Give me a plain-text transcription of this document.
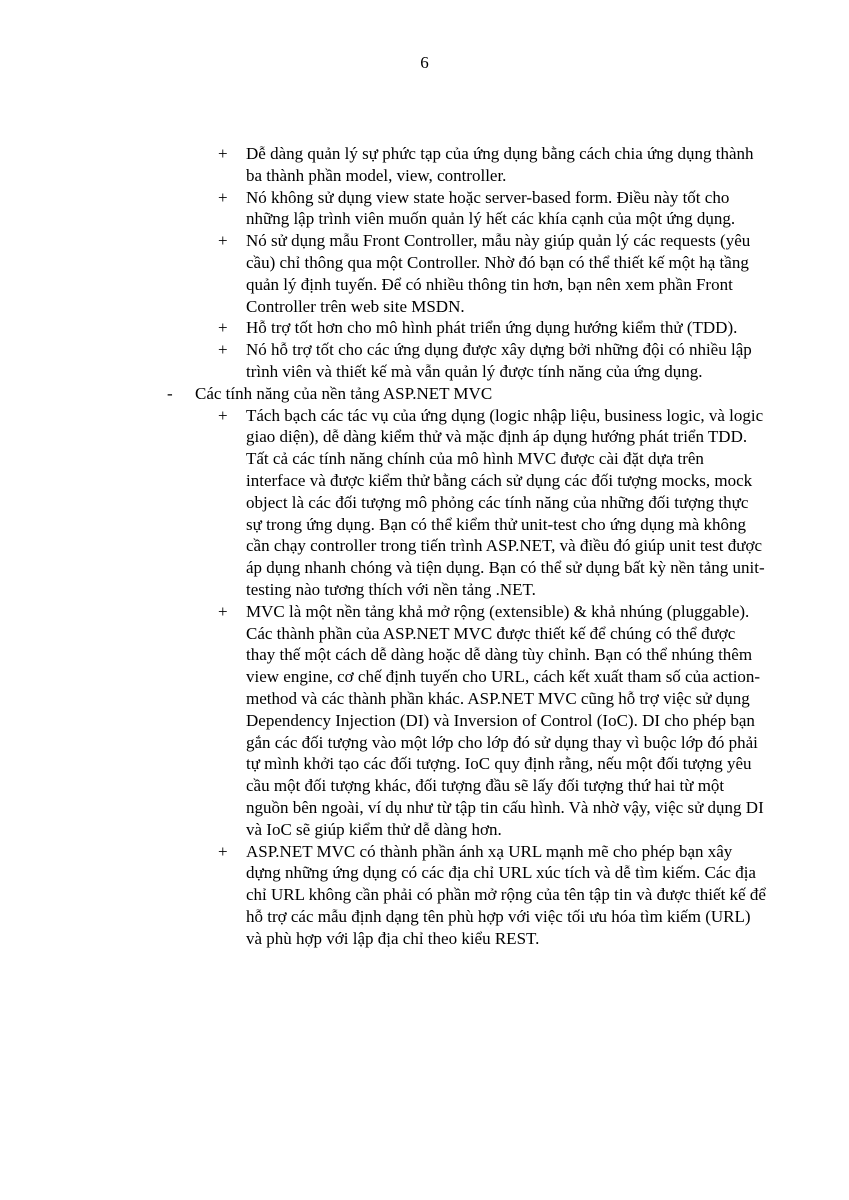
6
+ Dễ dàng quản lý sự phức tạp của ứng dụng bằng cách chia ứng dụng thành ba thành phần model, view, controller.
+ Nó không sử dụng view state hoặc server-based form. Điều này tốt cho những lập trình viên muốn quản lý hết các khía cạnh của một ứng dụng.
+ Nó sử dụng mẫu Front Controller, mẫu này giúp quản lý các requests (yêu cầu) chỉ thông qua một Controller. Nhờ đó bạn có thể thiết kế một hạ tầng quản lý định tuyến. Để có nhiều thông tin hơn, bạn nên xem phần Front Controller trên web site MSDN.
+ Hỗ trợ tốt hơn cho mô hình phát triển ứng dụng hướng kiểm thử (TDD).
+ Nó hỗ trợ tốt cho các ứng dụng được xây dựng bởi những đội có nhiều lập trình viên và thiết kế mà vẫn quản lý được tính năng của ứng dụng.
- Các tính năng của nền tảng ASP.NET MVC
+ Tách bạch các tác vụ của ứng dụng (logic nhập liệu, business logic, và logic giao diện), dễ dàng kiểm thử và mặc định áp dụng hướng phát triển TDD. Tất cả các tính năng chính của mô hình MVC được cài đặt dựa trên interface và được kiểm thử bằng cách sử dụng các đối tượng mocks, mock object là các đối tượng mô phỏng các tính năng của những đối tượng thực sự trong ứng dụng. Bạn có thể kiểm thử unit-test cho ứng dụng mà không cần chạy controller trong tiến trình ASP.NET, và điều đó giúp unit test được áp dụng nhanh chóng và tiện dụng. Bạn có thể sử dụng bất kỳ nền tảng unit-testing nào tương thích với nền tảng .NET.
+ MVC là một nền tảng khả mở rộng (extensible) & khả nhúng (pluggable). Các thành phần của ASP.NET MVC được thiết kế để chúng có thể được thay thế một cách dễ dàng hoặc dễ dàng tùy chỉnh. Bạn có thể nhúng thêm view engine, cơ chế định tuyến cho URL, cách kết xuất tham số của action-method và các thành phần khác. ASP.NET MVC cũng hỗ trợ việc sử dụng Dependency Injection (DI) và Inversion of Control (IoC). DI cho phép bạn gắn các đối tượng vào một lớp cho lớp đó sử dụng thay vì buộc lớp đó phải tự mình khởi tạo các đối tượng. IoC quy định rằng, nếu một đối tượng yêu cầu một đối tượng khác, đối tượng đầu sẽ lấy đối tượng thứ hai từ một nguồn bên ngoài, ví dụ như từ tập tin cấu hình. Và nhờ vậy, việc sử dụng DI và IoC sẽ giúp kiểm thử dễ dàng hơn.
+ ASP.NET MVC có thành phần ánh xạ URL mạnh mẽ cho phép bạn xây dựng những ứng dụng có các địa chỉ URL xúc tích và dễ tìm kiếm. Các địa chỉ URL không cần phải có phần mở rộng của tên tập tin và được thiết kế để hỗ trợ các mẫu định dạng tên phù hợp với việc tối ưu hóa tìm kiếm (URL) và phù hợp với lập địa chỉ theo kiểu REST.
